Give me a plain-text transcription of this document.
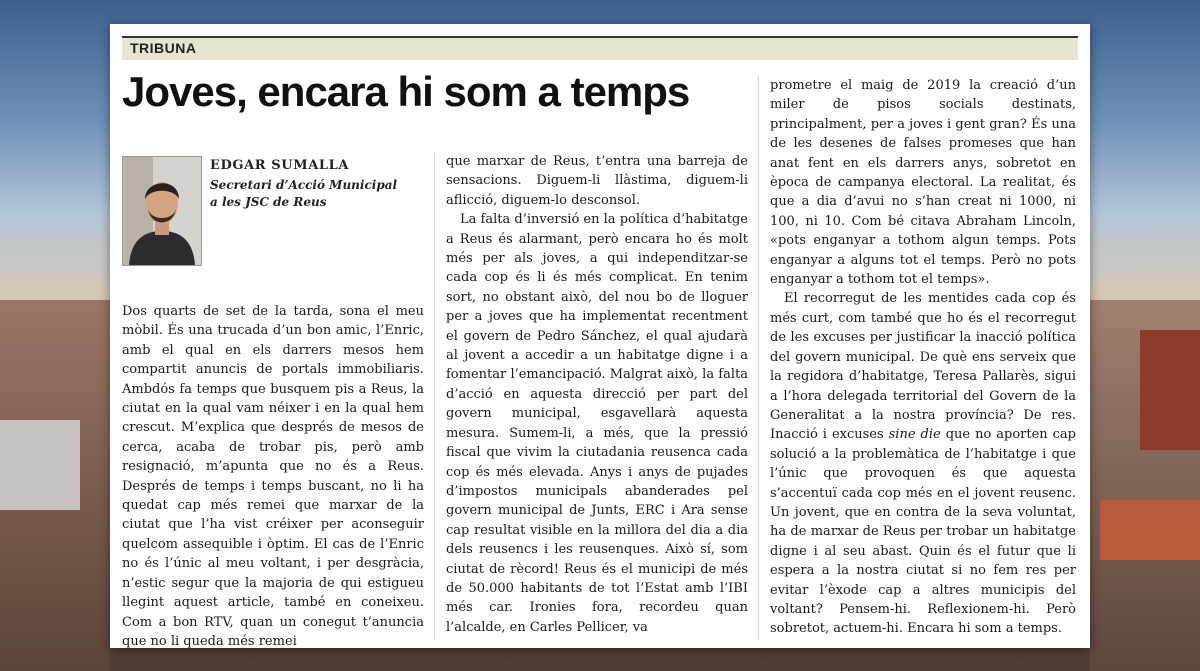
TRIBUNA
Joves, encara hi som a temps

EDGAR SUMALLA

Secretari d’Acció Municipal
a les JSC de Reus

Dos quarts de set de la tarda, sona el meu mòbil. És una trucada d’un bon amic, l’Enric, amb el qual en els darrers mesos hem compartit anuncis de portals immobiliaris. Ambdós fa temps que busquem pis a Reus, la ciutat en la qual vam néixer i en la qual hem crescut. M’explica que després de mesos de cerca, acaba de trobar pis, però amb resignació, m’apunta que no és a Reus. Després de temps i temps buscant, no li ha quedat cap més remei que marxar de la ciutat que l’ha vist créixer per aconseguir quelcom assequible i òptim. El cas de l’Enric no és l’únic al meu voltant, i per desgràcia, n’estic segur que la majoria de qui estigueu llegint aquest article, també en coneixeu. Com a bon RTV, quan un conegut t’anuncia que no li queda més remei

que marxar de Reus, t’entra una barreja de sensacions. Diguem-li llàstima, diguem-li aflicció, diguem-lo desconsol.

La falta d’inversió en la política d’habitatge a Reus és alarmant, però encara ho és molt més per als joves, a qui independitzar-se cada cop és li és més complicat. En tenim sort, no obstant això, del nou bo de lloguer per a joves que ha implementat recentment el govern de Pedro Sánchez, el qual ajudarà al jovent a accedir a un habitatge digne i a fomentar l’emancipació. Malgrat això, la falta d’acció en aquesta direcció per part del govern municipal, esgavellarà aquesta mesura. Sumem-li, a més, que la pressió fiscal que vivim la ciutadania reusenca cada cop és més elevada. Anys i anys de pujades d’impostos municipals abanderades pel govern municipal de Junts, ERC i Ara sense cap resultat visible en la millora del dia a dia dels reusencs i les reusenques. Això sí, som ciutat de rècord! Reus és el municipi de més de 50.000 habitants de tot l’Estat amb l’IBI més car. Ironies fora, recordeu quan l’alcalde, en Carles Pellicer, va

prometre el maig de 2019 la creació d’un miler de pisos socials destinats, principalment, per a joves i gent gran? És una de les desenes de falses promeses que han anat fent en els darrers anys, sobretot en època de campanya electoral. La realitat, és que a dia d’avui no s’han creat ni 1000, ni 100, ni 10. Com bé citava Abraham Lincoln, «pots enganyar a tothom algun temps. Pots enganyar a alguns tot el temps. Però no pots enganyar a tothom tot el temps».

El recorregut de les mentides cada cop és més curt, com també que ho és el recorregut de les excuses per justificar la inacció política del govern municipal. De què ens serveix que la regidora d’habitatge, Teresa Pallarès, sigui a l’hora delegada territorial del Govern de la Generalitat a la nostra província? De res. Inacció i excuses sine die que no aporten cap solució a la problemàtica de l’habitatge i que l’únic que provoquen és que aquesta s’accentuï cada cop més en el jovent reusenc. Un jovent, que en contra de la seva voluntat, ha de marxar de Reus per trobar un habitatge digne i al seu abast. Quin és el futur que li espera a la nostra ciutat si no fem res per evitar l’èxode cap a altres municipis del voltant? Pensem-hi. Reflexionem-hi. Però sobretot, actuem-hi. Encara hi som a temps.
